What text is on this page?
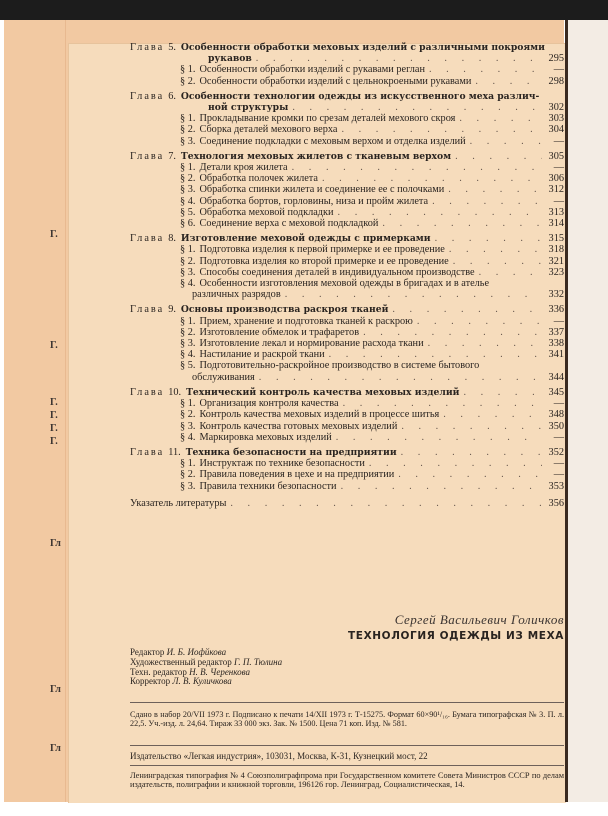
Г.
Г.
Г.
Г.
Г.
Г.
Гл
Гл
Гл
Глава 5. Особенности обработки меховых изделий с различными покроями
рукавов . . .	295
§ 1. Особенности обработки изделий с рукавами реглан . . .	—
§ 2. Особенности обработки изделий с цельнокроеными рукавами . . .	298
Глава 6. Особенности технологии одежды из искусственного меха различ-
ной структуры . . .	302
§ 1. Прокладывание кромки по срезам деталей мехового скроя . . .	303
§ 2. Сборка деталей мехового верха . . .	304
§ 3. Соединение подкладки с меховым верхом и отделка изделий . . .	—
Глава 7. Технология меховых жилетов с тканевым верхом . . .	305
§ 1. Детали кроя жилета . . .	—
§ 2. Обработка полочек жилета . . .	306
§ 3. Обработка спинки жилета и соединение ее с полочками . . .	312
§ 4. Обработка бортов, горловины, низа и пройм жилета . . .	—
§ 5. Обработка меховой подкладки . . .	313
§ 6. Соединение верха с меховой подкладкой . . .	314
Глава 8. Изготовление меховой одежды с примерками . . .	315
§ 1. Подготовка изделия к первой примерке и ее проведение . . .	318
§ 2. Подготовка изделия ко второй примерке и ее проведение . . .	321
§ 3. Способы соединения деталей в индивидуальном производстве . . .	323
§ 4. Особенности изготовления меховой одежды в бригадах и в ателье
различных разрядов . . .	332
Глава 9. Основы производства раскроя тканей . . .	336
§ 1. Прием, хранение и подготовка тканей к раскрою . . .	—
§ 2. Изготовление обмелок и трафаретов . . .	337
§ 3. Изготовление лекал и нормирование расхода ткани . . .	338
§ 4. Настилание и раскрой ткани . . .	341
§ 5. Подготовительно-раскройное производство в системе бытового
обслуживания . . .	344
Глава 10. Технический контроль качества меховых изделий . . .	345
§ 1. Организация контроля качества . . .	—
§ 2. Контроль качества меховых изделий в процессе шитья . . .	348
§ 3. Контроль качества готовых меховых изделий . . .	350
§ 4. Маркировка меховых изделий . . .	—
Глава 11. Техника безопасности на предприятии . . .	352
§ 1. Инструктаж по технике безопасности . . .	—
§ 2. Правила поведения в цехе и на предприятии . . .	—
§ 3. Правила техники безопасности . . .	353
Указатель литературы . . .	356
Сергей Васильевич Голичков
ТЕХНОЛОГИЯ ОДЕЖДЫ ИЗ МЕХА
Редактор И. Б. Иофйкова
Художественный редактор Г. П. Тюлина
Техн. редактор Н. В. Черенкова
Корректор Л. В. Куличкова
Сдано в набор 20/VII 1973 г. Подписано к печати 14/XII 1973 г. Т-15275. Формат 60×90¹/₁₆. Бумага типографская № 3. П. л. 22,5. Уч.-изд. л. 24,64. Тираж 33 000 экз. Зак. № 1500. Цена 71 коп. Изд. № 581.
Издательство «Легкая индустрия», 103031, Москва, К-31, Кузнецкий мост, 22
Ленинградская типография № 4 Союзполиграфпрома при Государственном комитете Совета Министров СССР по делам издательств, полиграфии и книжной торговли, 196126 гор. Ленинград, Социалистическая, 14.
